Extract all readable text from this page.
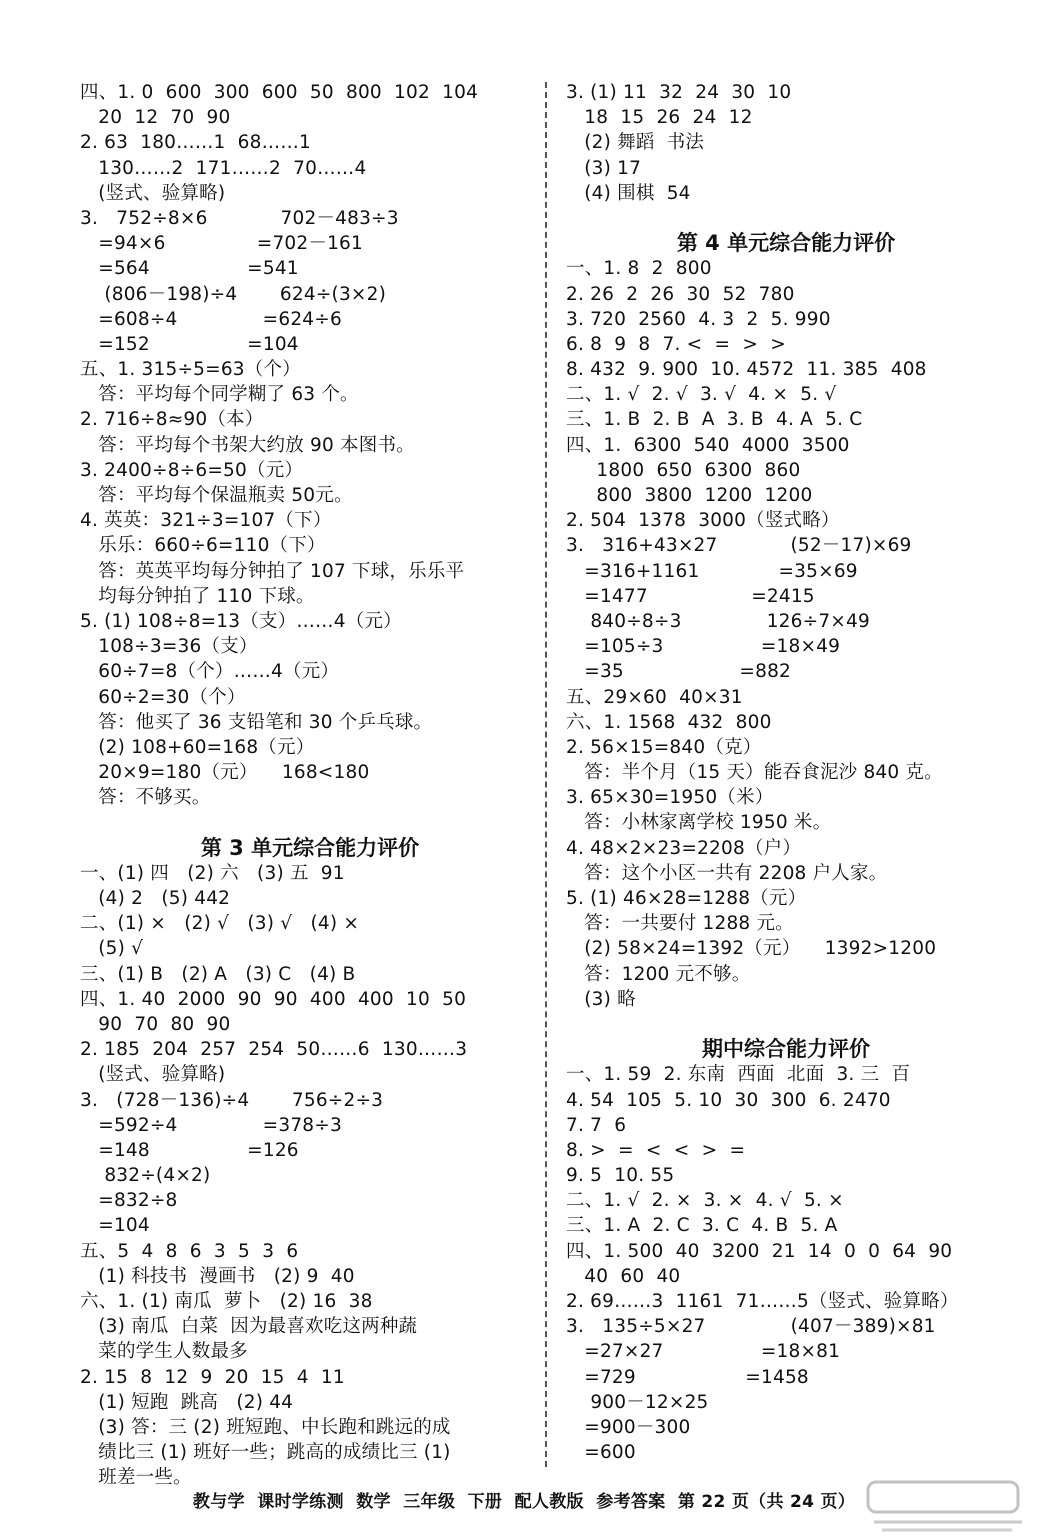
四、1. 0  600  300  600  50  800  102  104
20  12  70  90
2. 63  180……1  68……1
130……2  171……2  70……4
(竖式、验算略)
3.   752÷8×6            702－483÷3
=94×6               =702－161
=564                =541
(806－198)÷4       624÷(3×2)
=608÷4              =624÷6
=152                =104
五、1. 315÷5=63（个）
答：平均每个同学糊了 63 个。
2. 716÷8≈90（本）
答：平均每个书架大约放 90 本图书。
3. 2400÷8÷6=50（元）
答：平均每个保温瓶卖 50元。
4. 英英：321÷3=107（下）
乐乐：660÷6=110（下）
答：英英平均每分钟拍了 107 下球，乐乐平
均每分钟拍了 110 下球。
5. (1) 108÷8=13（支）……4（元）
108÷3=36（支）
60÷7=8（个）……4（元）
60÷2=30（个）
答：他买了 36 支铅笔和 30 个乒乓球。
(2) 108+60=168（元）
20×9=180（元）    168<180
答：不够买。
第 3 单元综合能力评价
一、(1) 四   (2) 六   (3) 五  91
(4) 2   (5) 442
二、(1) ×   (2) √   (3) √   (4) ×
(5) √
三、(1) B   (2) A   (3) C   (4) B
四、1. 40  2000  90  90  400  400  10  50
90  70  80  90
2. 185  204  257  254  50……6  130……3
(竖式、验算略)
3.   (728－136)÷4       756÷2÷3
=592÷4              =378÷3
=148                =126
832÷(4×2)
=832÷8
=104
五、5  4  8  6  3  5  3  6
(1) 科技书  漫画书   (2) 9  40
六、1. (1) 南瓜  萝卜   (2) 16  38
(3) 南瓜  白菜  因为最喜欢吃这两种蔬
菜的学生人数最多
2. 15  8  12  9  20  15  4  11
(1) 短跑  跳高   (2) 44
(3) 答：三 (2) 班短跑、中长跑和跳远的成
绩比三 (1) 班好一些；跳高的成绩比三 (1)
班差一些。
3. (1) 11  32  24  30  10
18  15  26  24  12
(2) 舞蹈  书法
(3) 17
(4) 围棋  54
第 4 单元综合能力评价
一、1. 8  2  800
2. 26  2  26  30  52  780
3. 720  2560  4. 3  2  5. 990
6. 8  9  8  7. <  =  >  >
8. 432  9. 900  10. 4572  11. 385  408
二、1. √  2. √  3. √  4. ×  5. √
三、1. B  2. B  A  3. B  4. A  5. C
四、1.  6300  540  4000  3500
1800  650  6300  860
800  3800  1200  1200
2. 504  1378  3000（竖式略）
3.   316+43×27            (52－17)×69
=316+1161             =35×69
=1477                 =2415
840÷8÷3              126÷7×49
=105÷3                =18×49
=35                   =882
五、29×60  40×31
六、1. 1568  432  800
2. 56×15=840（克）
答：半个月（15 天）能吞食泥沙 840 克。
3. 65×30=1950（米）
答：小林家离学校 1950 米。
4. 48×2×23=2208（户）
答：这个小区一共有 2208 户人家。
5. (1) 46×28=1288（元）
答：一共要付 1288 元。
(2) 58×24=1392（元）    1392>1200
答：1200 元不够。
(3) 略
期中综合能力评价
一、1. 59  2. 东南  西面  北面  3. 三  百
4. 54  105  5. 10  30  300  6. 2470
7. 7  6
8. >  =  <  <  >  =
9. 5  10. 55
二、1. √  2. ×  3. ×  4. √  5. ×
三、1. A  2. C  3. C  4. B  5. A
四、1. 500  40  3200  21  14  0  0  64  90
40  60  40
2. 69……3  1161  71……5（竖式、验算略）
3.   135÷5×27              (407－389)×81
=27×27                =18×81
=729                  =1458
900－12×25
=900－300
=600
教与学  课时学练测  数学  三年级  下册  配人教版  参考答案  第 22 页（共 24 页）
